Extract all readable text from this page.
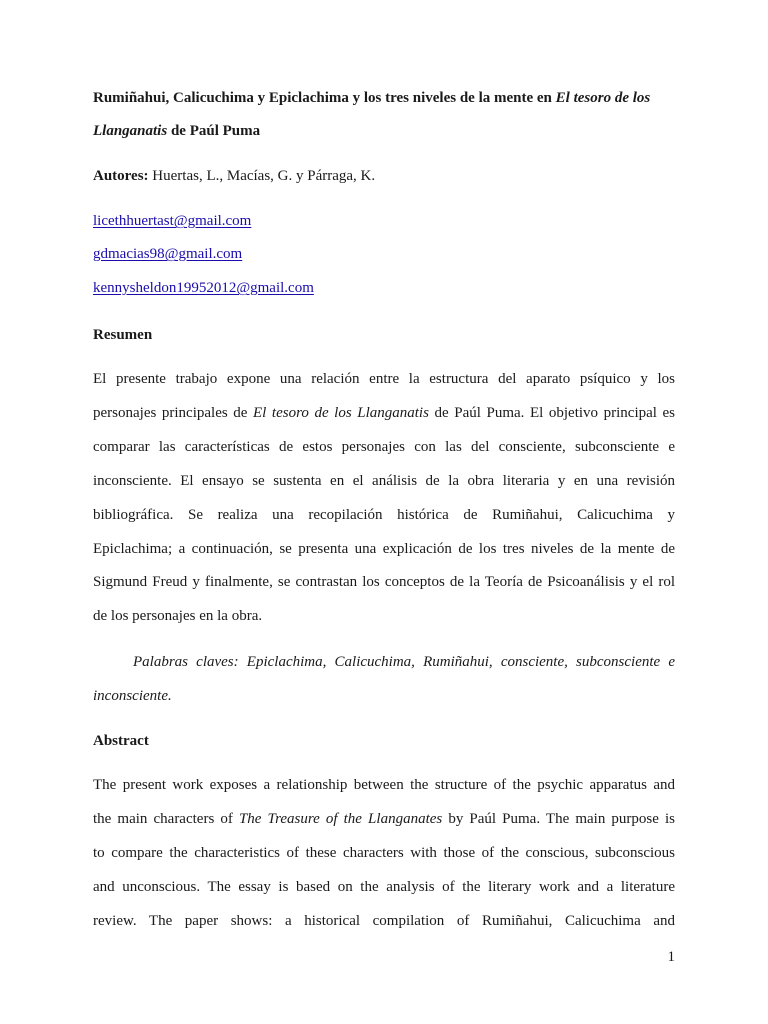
Rumiñahui, Calicuchima y Epiclachima y los tres niveles de la mente en El tesoro de los
Llanganatis de Paúl Puma
Autores: Huertas, L., Macías, G. y Párraga, K.
licethhuertast@gmail.com
gdmacias98@gmail.com
kennysheldon19952012@gmail.com
Resumen
El presente trabajo expone una relación entre la estructura del aparato psíquico y los
personajes principales de El tesoro de los Llanganatis de Paúl Puma. El objetivo principal es
comparar las características de estos personajes con las del consciente, subconsciente e
inconsciente. El ensayo se sustenta en el análisis de la obra literaria y en una revisión
bibliográfica. Se realiza una recopilación histórica de Rumiñahui, Calicuchima y
Epiclachima; a continuación, se presenta una explicación de los tres niveles de la mente de
Sigmund Freud y finalmente, se contrastan los conceptos de la Teoría de Psicoanálisis y el rol
de los personajes en la obra.
Palabras claves: Epiclachima, Calicuchima, Rumiñahui, consciente, subconsciente e
inconsciente.
Abstract
The present work exposes a relationship between the structure of the psychic apparatus and
the main characters of The Treasure of the Llanganates by Paúl Puma. The main purpose is
to compare the characteristics of these characters with those of the conscious, subconscious
and unconscious. The essay is based on the analysis of the literary work and a literature
review. The paper shows: a historical compilation of Rumiñahui, Calicuchima and
1
